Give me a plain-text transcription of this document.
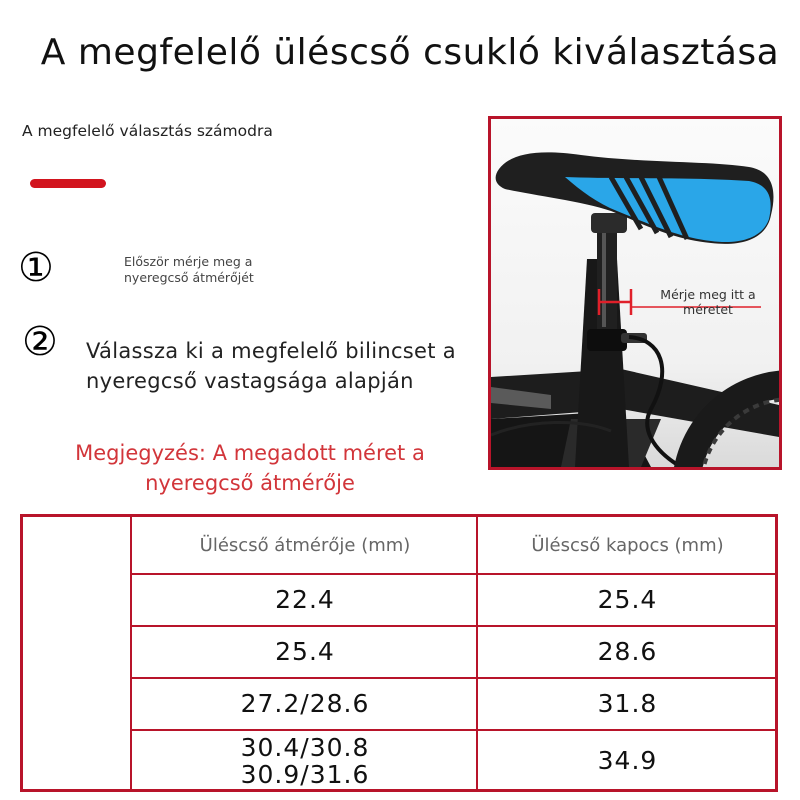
A megfelelő üléscső csukló kiválasztása
A megfelelő választás számodra
①	Először mérje meg a nyeregcső átmérőjét
② Válassza ki a megfelelő bilincset a nyeregcső vastagsága alapján
Megjegyzés: A megadott méret a nyeregcső átmérője
Mérje meg itt a méretet
Üléscső átmérője (mm)	Üléscső kapocs (mm)
22.4	25.4
25.4	28.6
27.2/28.6	31.8
30.4/30.8 30.9/31.6	34.9
